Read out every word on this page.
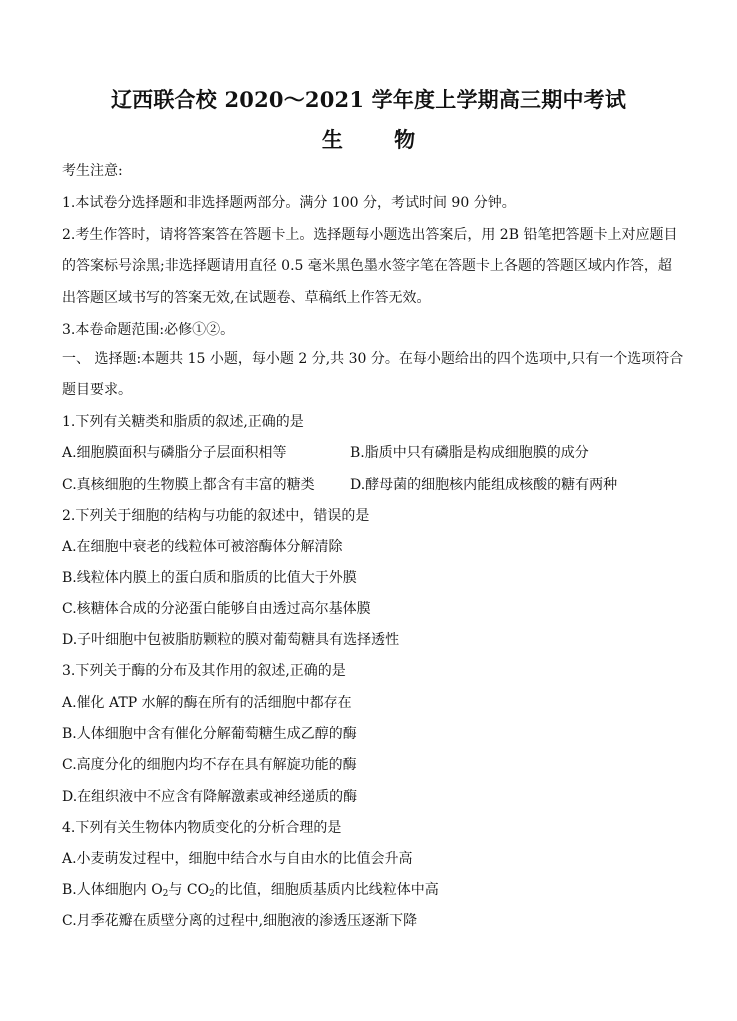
辽西联合校 2020～2021 学年度上学期高三期中考试
生 物
考生注意:
1.本试卷分选择题和非选择题两部分。满分 100 分，考试时间 90 分钟。
2.考生作答时，请将答案答在答题卡上。选择题每小题选出答案后，用 2B 铅笔把答题卡上对应题目
的答案标号涂黑;非选择题请用直径 0.5 毫米黑色墨水签字笔在答题卡上各题的答题区域内作答，超
出答题区域书写的答案无效,在试题卷、草稿纸上作答无效。
3.本卷命题范围:必修①②。
一、 选择题:本题共 15 小题，每小题 2 分,共 30 分。在每小题给出的四个选项中,只有一个选项符合
题目要求。
1.下列有关糖类和脂质的叙述,正确的是
A.细胞膜面积与磷脂分子层面积相等	B.脂质中只有磷脂是构成细胞膜的成分
C.真核细胞的生物膜上都含有丰富的糖类	D.酵母菌的细胞核内能组成核酸的糖有两种
2.下列关于细胞的结构与功能的叙述中，错误的是
A.在细胞中衰老的线粒体可被溶酶体分解清除
B.线粒体内膜上的蛋白质和脂质的比值大于外膜
C.核糖体合成的分泌蛋白能够自由透过高尔基体膜
D.子叶细胞中包被脂肪颗粒的膜对葡萄糖具有选择透性
3.下列关于酶的分布及其作用的叙述,正确的是
A.催化 ATP 水解的酶在所有的活细胞中都存在
B.人体细胞中含有催化分解葡萄糖生成乙醇的酶
C.高度分化的细胞内均不存在具有解旋功能的酶
D.在组织液中不应含有降解激素或神经递质的酶
4.下列有关生物体内物质变化的分析合理的是
A.小麦萌发过程中，细胞中结合水与自由水的比值会升高
B.人体细胞内 $O_2$与 $CO_2$的比值，细胞质基质内比线粒体中高
C.月季花瓣在质壁分离的过程中,细胞液的渗透压逐渐下降
